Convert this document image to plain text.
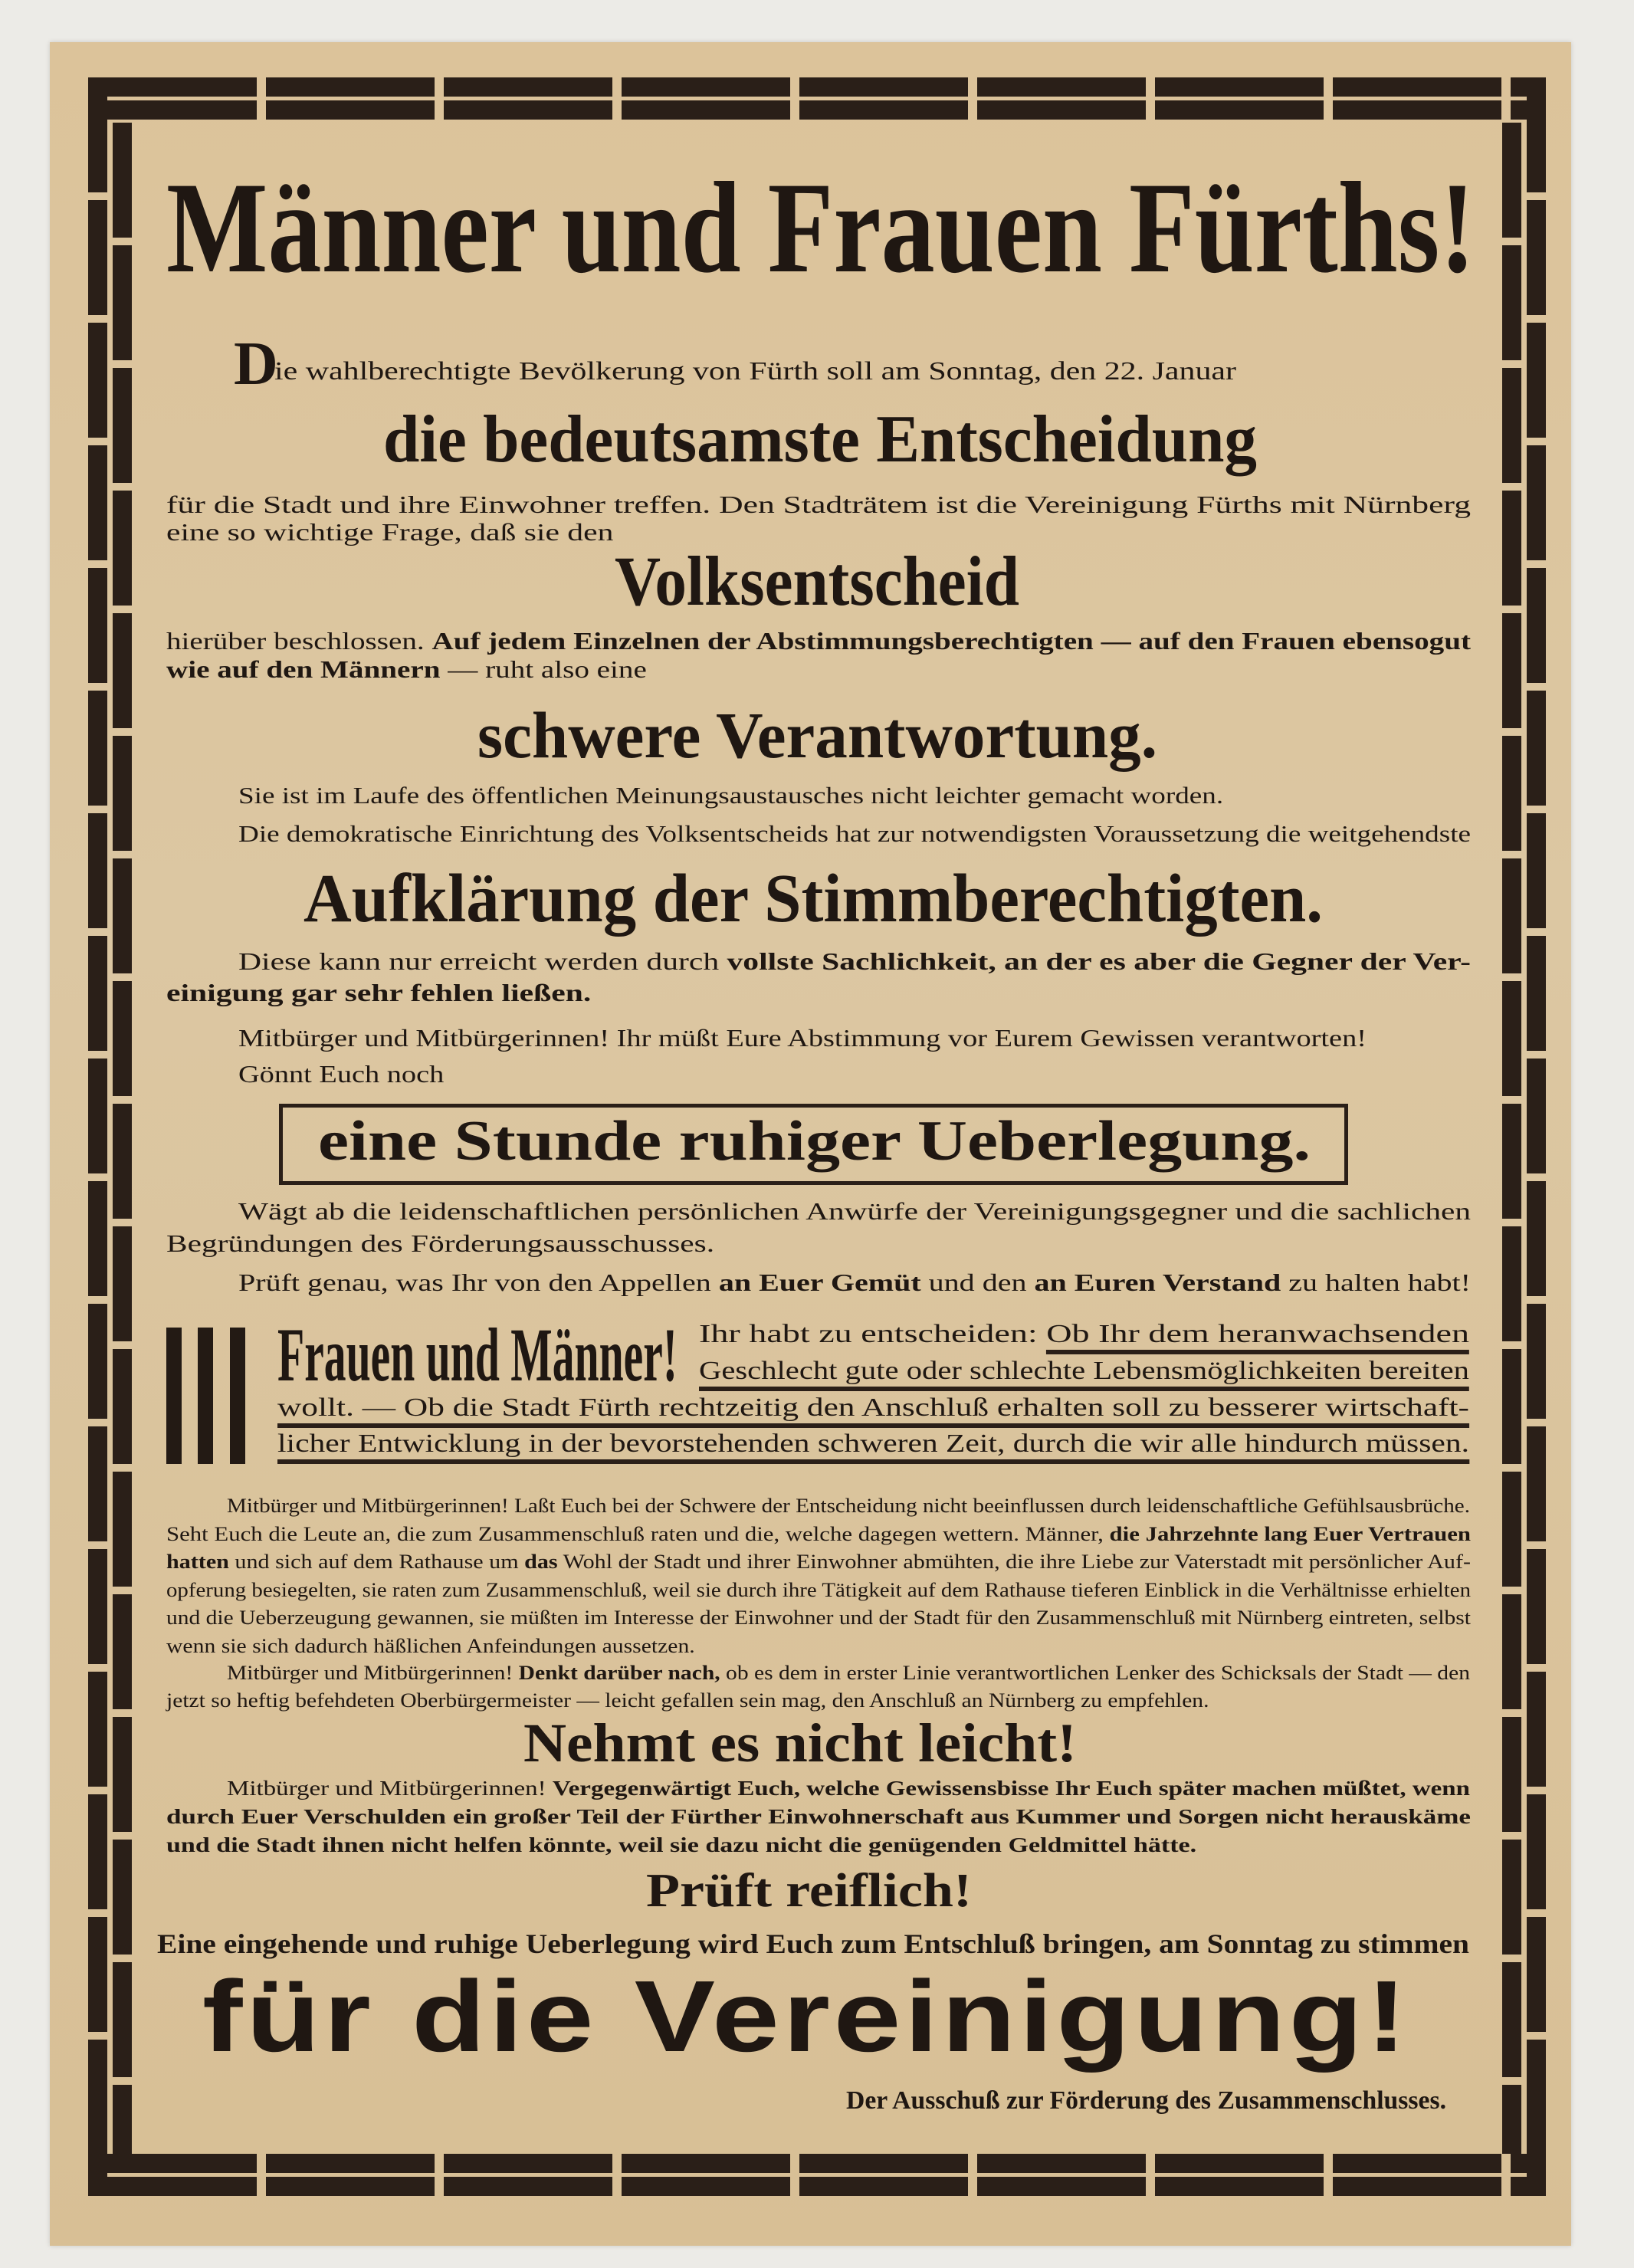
Männer und Frauen Fürths!
D
ie wahlberechtigte Bevölkerung von Fürth soll am Sonntag, den 22. Januar
die bedeutsamste Entscheidung
Volksentscheid
schwere Verantwortung.
Aufklärung der Stimmberechtigten.
eine Stunde ruhiger Ueberlegung.
Frauen und Männer!
Nehmt es nicht leicht!
Prüft reiflich!
für die Vereinigung!
Der Ausschuß zur Förderung des Zusammenschlusses.
für die Stadt und ihre Einwohner treffen. Den Stadträtem ist die Vereinigung Fürths mit Nürnberg
eine so wichtige Frage, daß sie den
hierüber beschlossen. Auf jedem Einzelnen der Abstimmungsberechtigten — auf den Frauen ebensogut
wie auf den Männern — ruht also eine
Sie ist im Laufe des öffentlichen Meinungsaustausches nicht leichter gemacht worden.
Die demokratische Einrichtung des Volksentscheids hat zur notwendigsten Voraussetzung die weitgehendste
Diese kann nur erreicht werden durch vollste Sachlichkeit, an der es aber die Gegner der Ver-
einigung gar sehr fehlen ließen.
Mitbürger und Mitbürgerinnen! Ihr müßt Eure Abstimmung vor Eurem Gewissen verantworten!
Gönnt Euch noch
Wägt ab die leidenschaftlichen persönlichen Anwürfe der Vereinigungsgegner und die sachlichen
Begründungen des Förderungsausschusses.
Prüft genau, was Ihr von den Appellen an Euer Gemüt und den an Euren Verstand zu halten habt!
Ihr habt zu entscheiden: Ob Ihr dem heranwachsenden
Geschlecht gute oder schlechte Lebensmöglichkeiten bereiten
wollt. — Ob die Stadt Fürth rechtzeitig den Anschluß erhalten soll zu besserer wirtschaft-
licher Entwicklung in der bevorstehenden schweren Zeit, durch die wir alle hindurch müssen.
Mitbürger und Mitbürgerinnen! Laßt Euch bei der Schwere der Entscheidung nicht beeinflussen durch leidenschaftliche Gefühlsausbrüche.
Seht Euch die Leute an, die zum Zusammenschluß raten und die, welche dagegen wettern. Männer, die Jahrzehnte lang Euer Vertrauen
hatten und sich auf dem Rathause um das Wohl der Stadt und ihrer Einwohner abmühten, die ihre Liebe zur Vaterstadt mit persönlicher Auf-
opferung besiegelten, sie raten zum Zusammenschluß, weil sie durch ihre Tätigkeit auf dem Rathause tieferen Einblick in die Verhältnisse erhielten
und die Ueberzeugung gewannen, sie müßten im Interesse der Einwohner und der Stadt für den Zusammenschluß mit Nürnberg eintreten, selbst
wenn sie sich dadurch häßlichen Anfeindungen aussetzen.
Mitbürger und Mitbürgerinnen! Denkt darüber nach, ob es dem in erster Linie verantwortlichen Lenker des Schicksals der Stadt — den
jetzt so heftig befehdeten Oberbürgermeister — leicht gefallen sein mag, den Anschluß an Nürnberg zu empfehlen.
Mitbürger und Mitbürgerinnen! Vergegenwärtigt Euch, welche Gewissensbisse Ihr Euch später machen müßtet, wenn
durch Euer Verschulden ein großer Teil der Fürther Einwohnerschaft aus Kummer und Sorgen nicht herauskäme
und die Stadt ihnen nicht helfen könnte, weil sie dazu nicht die genügenden Geldmittel hätte.
Eine eingehende und ruhige Ueberlegung wird Euch zum Entschluß bringen, am Sonntag zu stimmen
